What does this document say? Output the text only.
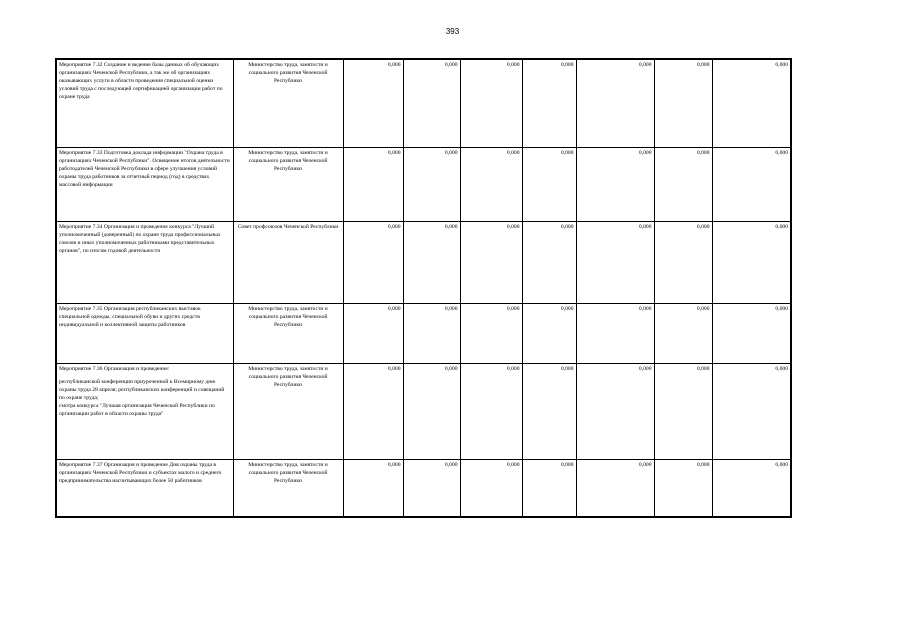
393
Мероприятие 7.32 Создание и ведение базы данных об обучающих организациях Чеченской Республики, а так же об организациях оказывающих услуги в области проведения специальной оценки условий труда с последующей сертификацией организации работ по охране труда	Министерство труда, занятости и социального развития Чеченской Республики	0,000	0,000	0,000	0,000	0,000	0,000	0,000
Мероприятие 7.33 Подготовка доклада информации "Охрана труда в организациях Чеченской Республики". Освещение итогов деятельности работодателей Чеченской Республики в сфере улучшения условий охраны труда работников за отчетный период (год) в средствах массовой информации	Министерство труда, занятости и социального развития Чеченской Республики	0,000	0,000	0,000	0,000	0,000	0,000	0,000
Мероприятие 7.34 Организация и проведение конкурса "Лучший уполномоченный (доверенный) по охране труда профессиональных союзов и иных уполномоченных работниками представительных органов", по итогам годовой деятельности	Совет профсоюзов Чеченской Республики	0,000	0,000	0,000	0,000	0,000	0,000	0,000
Мероприятие 7.35 Организация республиканских выставок специальной одежды, специальной обуви и других средств индивидуальной и коллективной защиты работников	Министерство труда, занятости и социального развития Чеченской Республики	0,000	0,000	0,000	0,000	0,000	0,000	0,000

Мероприятие 7.36 Организация и проведение:
республиканской конференции приуроченной к Всемирному дню охраны труда 28 апреля; республиканских конференций и совещаний по охране труда;
смотра конкурса "Лучшая организация Чеченской Республики по организации работ в области охраны труда"	Министерство труда, занятости и социального развития Чеченской Республики	0,000	0,000	0,000	0,000	0,000	0,000	0,000
Мероприятие 7.37 Организация и проведение Дня охраны труда в организациях Чеченской Республики и субъектах малого и среднего предпринимательства насчитывающих более 50 работников	Министерство труда, занятости и социального развития Чеченской Республики	0,000	0,000	0,000	0,000	0,000	0,000	0,000
